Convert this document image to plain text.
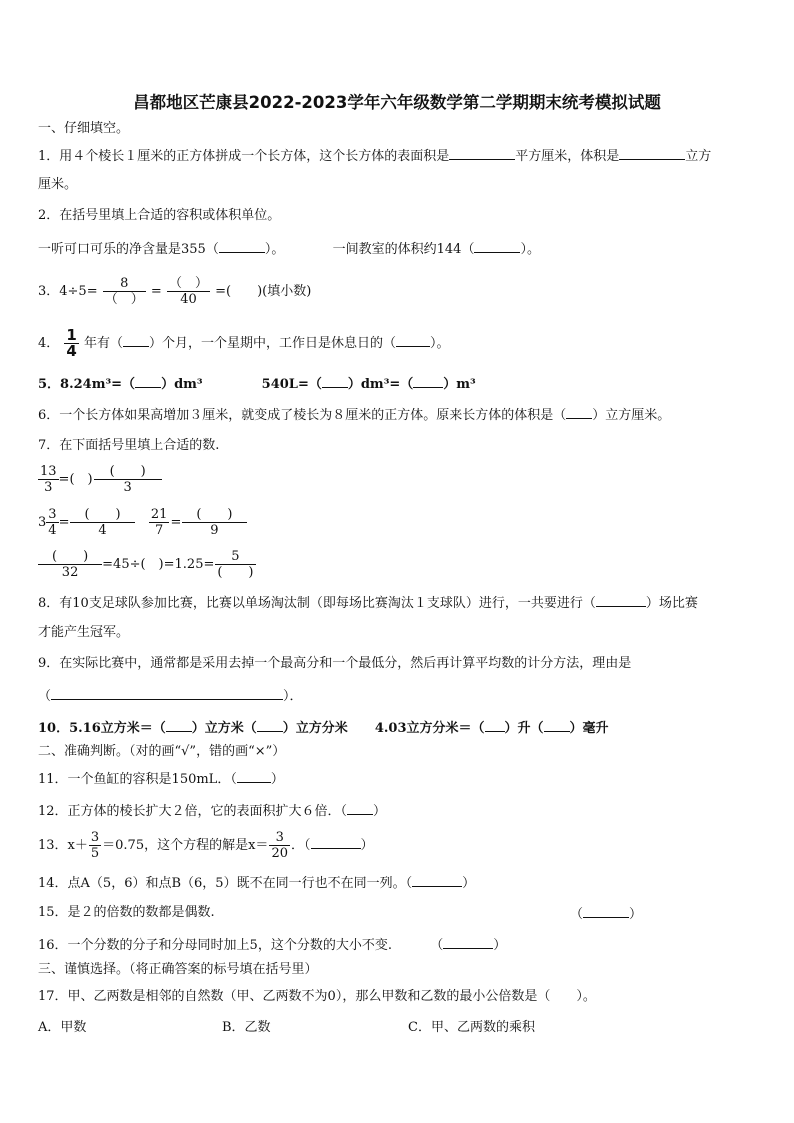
昌都地区芒康县2022-2023学年六年级数学第二学期期末统考模拟试题
一、仔细填空。
1．用４个棱长１厘米的正方体拼成一个长方体，这个长方体的表面积是	平方厘米，体积是	立方
厘米。
2．在括号里填上合适的容积或体积单位。
一听可口可乐的净含量是355（	）。	一间教室的体积约144（	）。
3．$4\div 5= \frac{8}{( )} = \frac{( )}{40}$ =(　　)(填小数)
4． $\frac{1}{4}$ 年有（ ）个月，一个星期中，工作日是休息日的（	）。
5．8.24m³=（ ）dm³	540L=（ ）dm³=（ ）m³
6．一个长方体如果高增加３厘米，就变成了棱长为８厘米的正方体。原来长方体的体积是（ ）立方厘米。
7．在下面括号里填上合适的数.
$\frac{13}{3}$ =(　) $\frac{( )}{3}$
$3 \frac{3}{4} = \frac{( )}{4}$
$\frac{21}{7} = \frac{( )}{9}$
$\frac{( )}{32} =45\div$(　)$=1.25= \frac{5}{( )}$
8．有10支足球队参加比赛，比赛以单场淘汰制（即每场比赛淘汰１支球队）进行，一共要进行（	）场比赛
才能产生冠军。
9．在实际比赛中，通常都是采用去掉一个最高分和一个最低分，然后再计算平均数的计分方法，理由是
（	）．
10．5.16立方米＝（ ）立方米（ ）立方分米 4.03立方分米＝（ ）升（ ）毫升
二、准确判断。（对的画“√”，错的画“×”）
11．一个鱼缸的容积是150mL．（	）
12．正方体的棱长扩大２倍，它的表面积扩大６倍．（ ）
13．$x+ \frac{3}{5} =0.75$，这个方程的解是$x= \frac{3}{20}$ ．（	）
14．点A（5，6）和点B（6，5）既不在同一行也不在同一列。（	）
15．是２的倍数的数都是偶数.	（	）
16．一个分数的分子和分母同时加上5，这个分数的大小不变.	（	）
三、谨慎选择。（将正确答案的标号填在括号里）
17．甲、乙两数是相邻的自然数（甲、乙两数不为0），那么甲数和乙数的最小公倍数是（　　）。
A．甲数	B．乙数	C．甲、乙两数的乘积
